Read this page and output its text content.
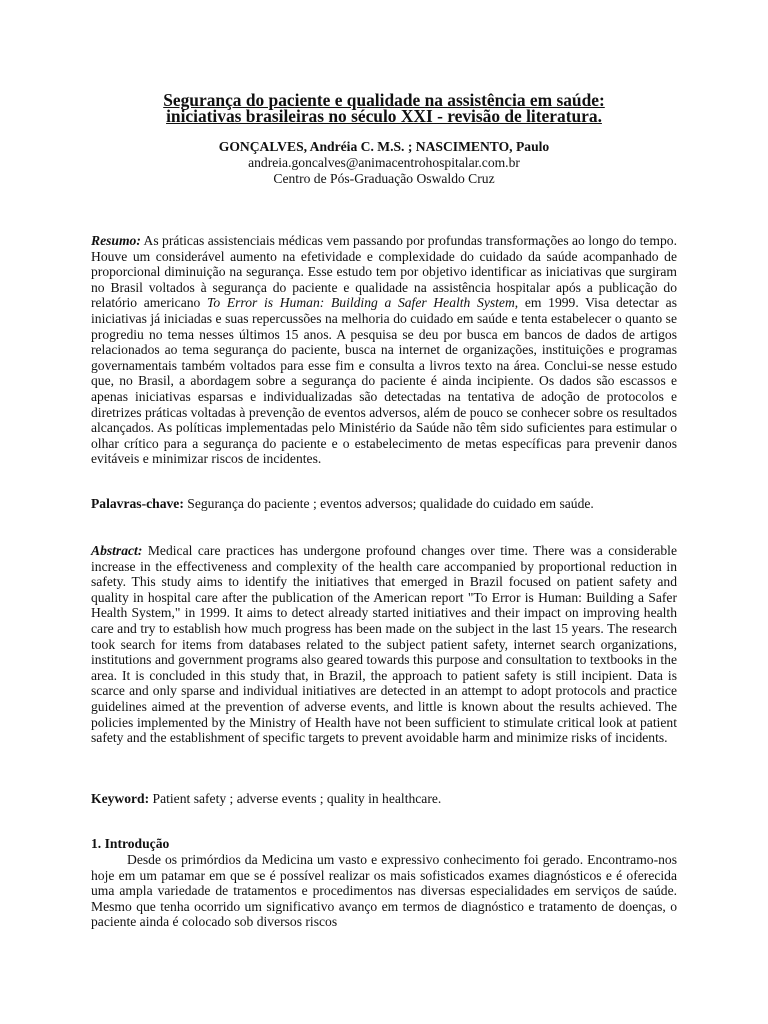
Segurança do paciente e qualidade na assistência em saúde:
iniciativas brasileiras no século XXI - revisão de literatura.
GONÇALVES, Andréia C. M.S. ; NASCIMENTO, Paulo
andreia.goncalves@animacentrohospitalar.com.br
Centro de Pós-Graduação Oswaldo Cruz

Resumo: As práticas assistenciais médicas vem passando por profundas transformações ao longo do tempo. Houve um considerável aumento na efetividade e complexidade do cuidado da saúde acompanhado de proporcional diminuição na segurança. Esse estudo tem por objetivo identificar as iniciativas que surgiram no Brasil voltados à segurança do paciente e qualidade na assistência hospitalar após a publicação do relatório americano To Error is Human: Building a Safer Health System, em 1999. Visa detectar as iniciativas já iniciadas e suas repercussões na melhoria do cuidado em saúde e tenta estabelecer o quanto se progrediu no tema nesses últimos 15 anos. A pesquisa se deu por busca em bancos de dados de artigos relacionados ao tema segurança do paciente, busca na internet de organizações, instituições e programas governamentais também voltados para esse fim e consulta a livros texto na área. Conclui-se nesse estudo que, no Brasil, a abordagem sobre a segurança do paciente é ainda incipiente. Os dados são escassos e apenas iniciativas esparsas e individualizadas são detectadas na tentativa de adoção de protocolos e diretrizes práticas voltadas à prevenção de eventos adversos, além de pouco se conhecer sobre os resultados alcançados. As políticas implementadas pelo Ministério da Saúde não têm sido suficientes para estimular o olhar crítico para a segurança do paciente e o estabelecimento de metas específicas para prevenir danos evitáveis e minimizar riscos de incidentes.

Palavras-chave: Segurança do paciente ; eventos adversos; qualidade do cuidado em saúde.

Abstract: Medical care practices has undergone profound changes over time. There was a considerable increase in the effectiveness and complexity of the health care accompanied by proportional reduction in safety. This study aims to identify the initiatives that emerged in Brazil focused on patient safety and quality in hospital care after the publication of the American report "To Error is Human: Building a Safer Health System," in 1999. It aims to detect already started initiatives and their impact on improving health care and try to establish how much progress has been made on the subject in the last 15 years. The research took search for items from databases related to the subject patient safety, internet search organizations, institutions and government programs also geared towards this purpose and consultation to textbooks in the area. It is concluded in this study that, in Brazil, the approach to patient safety is still incipient. Data is scarce and only sparse and individual initiatives are detected in an attempt to adopt protocols and practice guidelines aimed at the prevention of adverse events, and little is known about the results achieved. The policies implemented by the Ministry of Health have not been sufficient to stimulate critical look at patient safety and the establishment of specific targets to prevent avoidable harm and minimize risks of incidents.

Keyword: Patient safety ; adverse events ; quality in healthcare.

1. Introdução

Desde os primórdios da Medicina um vasto e expressivo conhecimento foi gerado. Encontramo-nos hoje em um patamar em que se é possível realizar os mais sofisticados exames diagnósticos e é oferecida uma ampla variedade de tratamentos e procedimentos nas diversas especialidades em serviços de saúde. Mesmo que tenha ocorrido um significativo avanço em termos de diagnóstico e tratamento de doenças, o paciente ainda é colocado sob diversos riscos
